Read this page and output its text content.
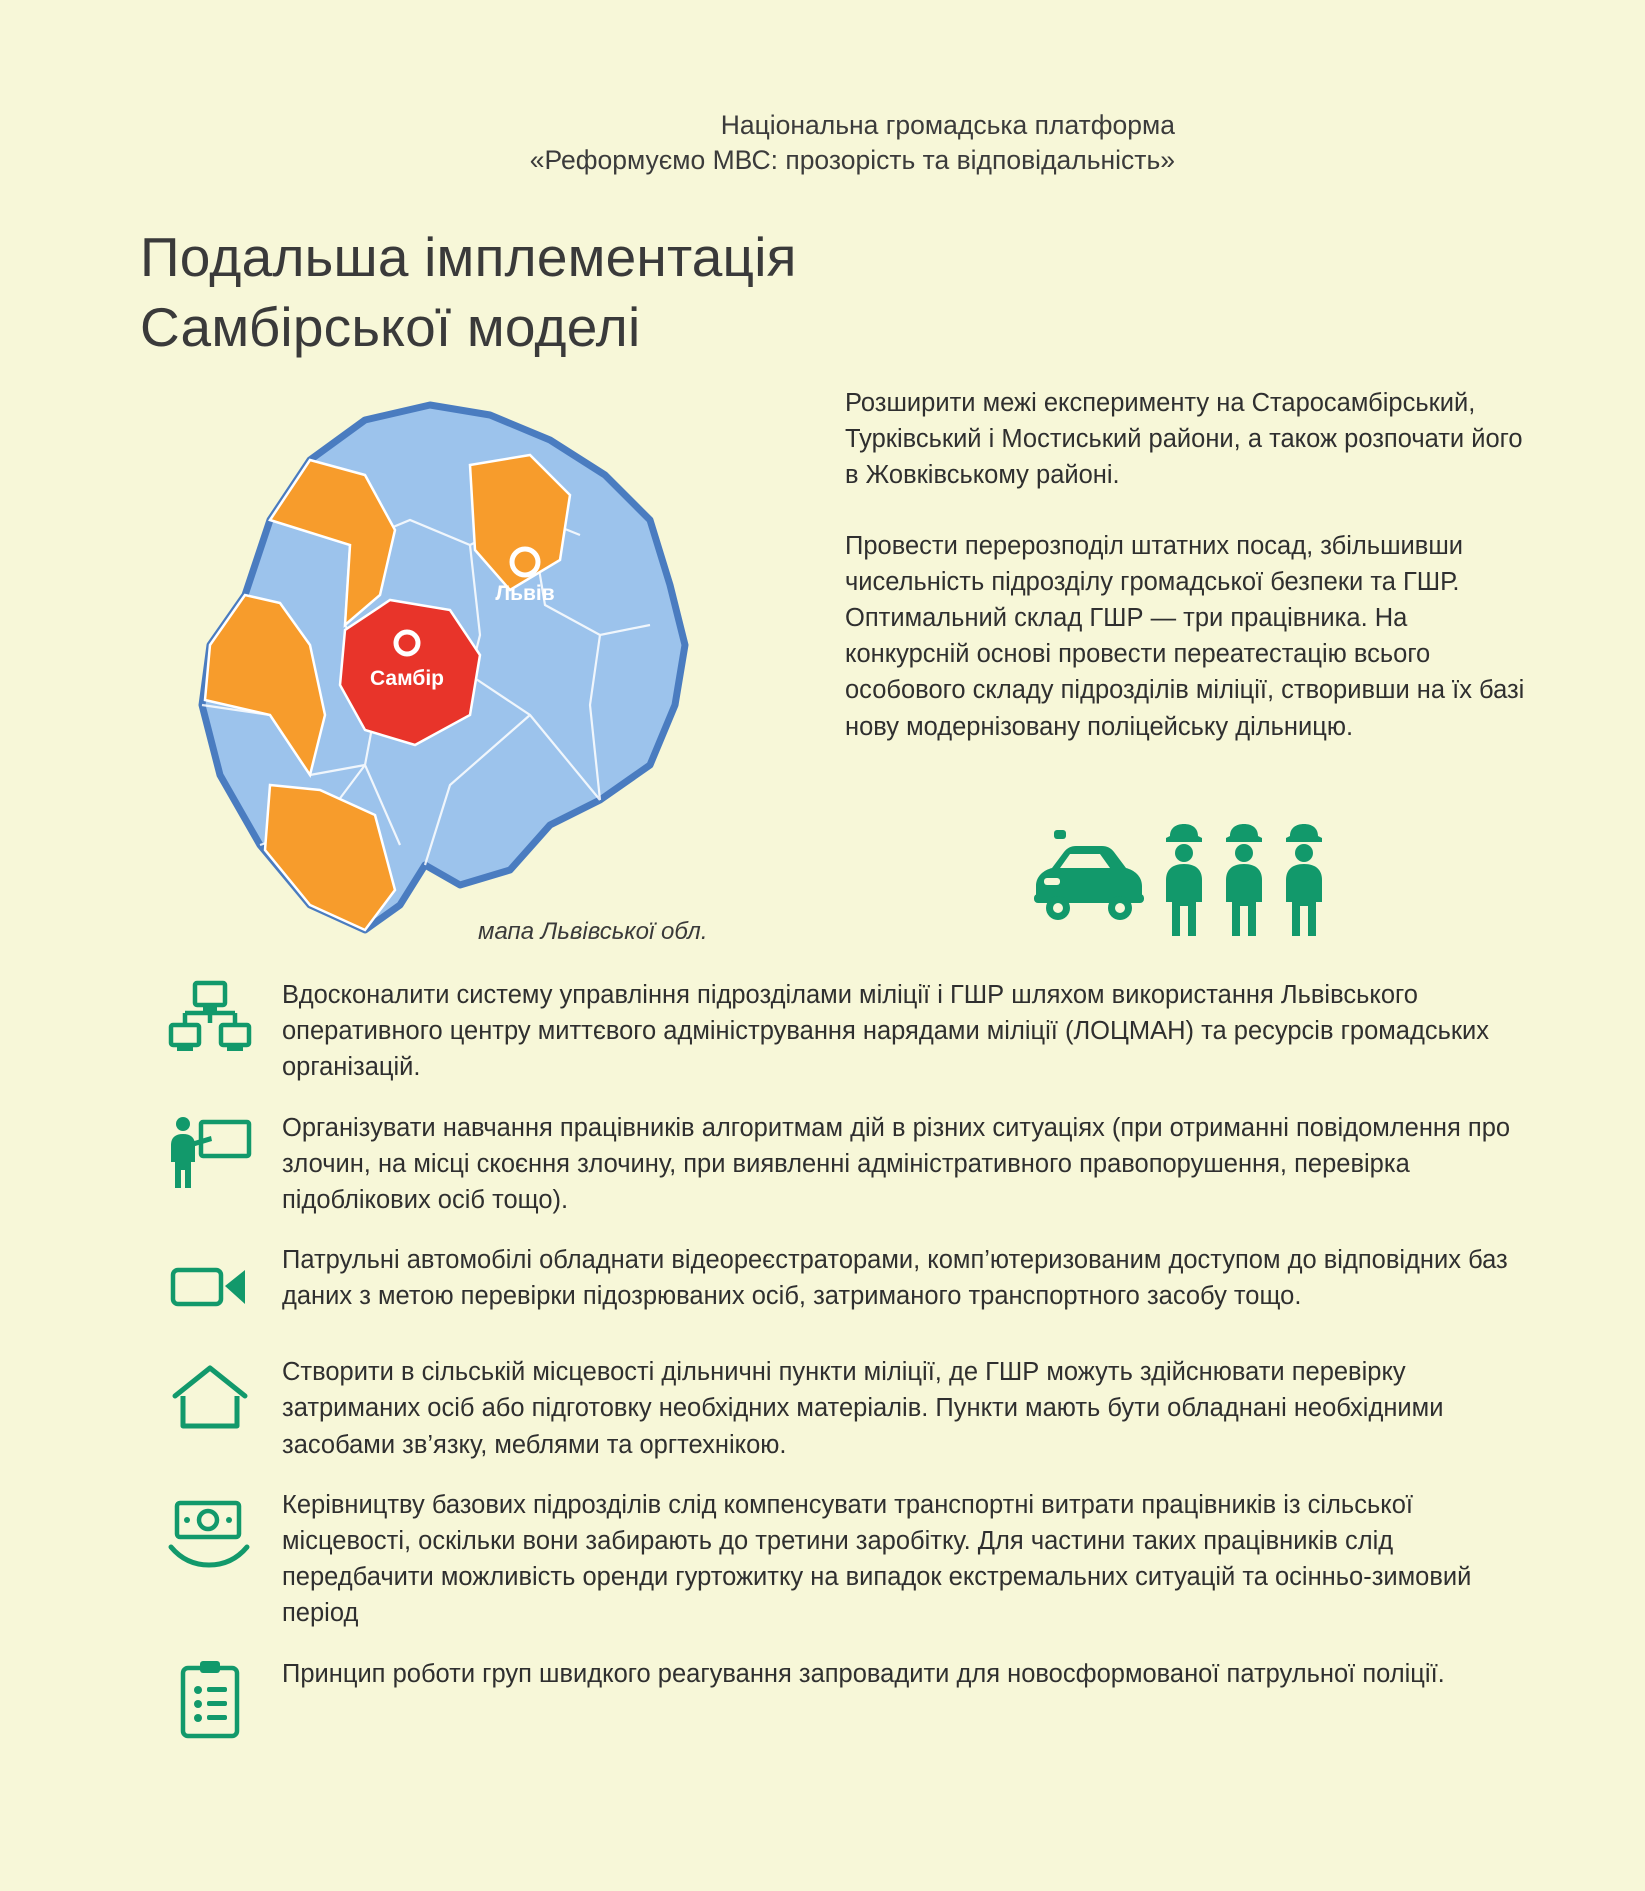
Національна громадська платформа
«Реформуємо МВС: прозорість та відповідальність»
Подальша імплементація
Самбірської моделі
Львів
Самбір
мапа Львівської обл.

Розширити межі експерименту на Старосамбірський, Турківський і Мостиський райони, а також розпочати його в Жовківському районі.

Провести перерозподіл штатних посад, збільшивши чисельність підрозділу громадської безпеки та ГШР. Оптимальний склад ГШР — три працівника. На конкурсній основі провести переатестацію всього особового складу підрозділів міліції, створивши на їх базі нову модернізовану поліцейську дільницю.

Вдосконалити систему управління підрозділами міліції і ГШР шляхом використання Львівського оперативного центру миттєвого адміністрування нарядами міліції (ЛОЦМАН) та ресурсів громадських організацій.
Організувати навчання працівників алгоритмам дій в різних ситуаціях (при отриманні повідомлення про злочин, на місці скоєння злочину, при виявленні адміністративного правопорушення, перевірка підоблікових осіб тощо).
Патрульні автомобілі обладнати відеореєстраторами, комп’ютеризованим доступом до відповідних баз даних з метою перевірки підозрюваних осіб, затриманого транспортного засобу тощо.
Створити в сільській місцевості дільничні пункти міліції, де ГШР можуть здійснювати перевірку затриманих осіб або підготовку необхідних матеріалів. Пункти мають бути обладнані необхідними засобами зв’язку, меблями та оргтехнікою.
Керівництву базових підрозділів слід компенсувати транспортні витрати працівників із сільської місцевості, оскільки вони забирають до третини заробітку. Для частини таких працівників слід передбачити можливість оренди гуртожитку на випадок екстремальних ситуацій та осінньо-зимовий період
Принцип роботи груп швидкого реагування запровадити для новосформованої патрульної поліції.
